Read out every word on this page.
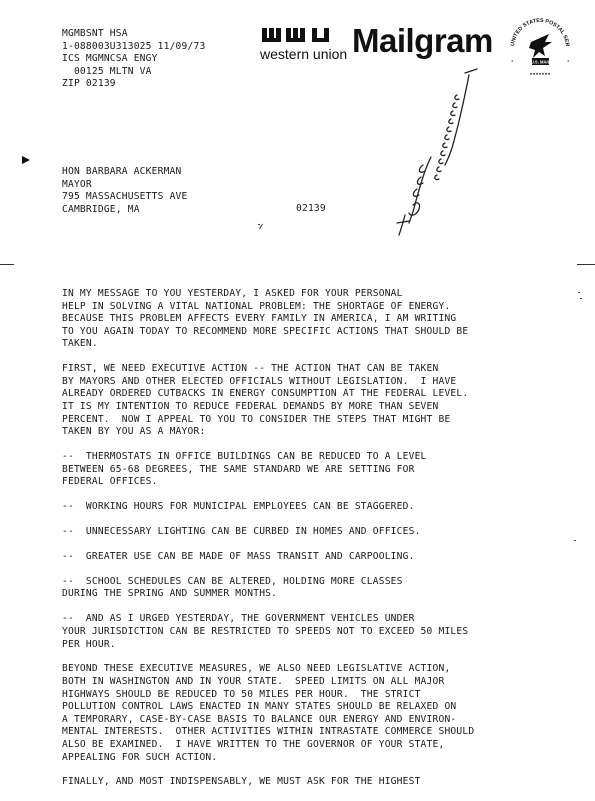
MGMBSNT HSA
1-088003U313025 11/09/73
ICS MGMNCSA ENGY
00125 MLTN VA
ZIP 02139
western union Mailgram	UNITED STATES POSTAL SER
U.S. MAIL
★★★★★★★
★	★
HON BARBARA ACKERMAN
MAYOR
795 MASSACHUSETTS AVE
CAMBRIDGE, MA	02139

IN MY MESSAGE TO YOU YESTERDAY, I ASKED FOR YOUR PERSONAL
HELP IN SOLVING A VITAL NATIONAL PROBLEM: THE SHORTAGE OF ENERGY.
BECAUSE THIS PROBLEM AFFECTS EVERY FAMILY IN AMERICA, I AM WRITING
TO YOU AGAIN TODAY TO RECOMMEND MORE SPECIFIC ACTIONS THAT SHOULD BE
TAKEN.

FIRST, WE NEED EXECUTIVE ACTION -- THE ACTION THAT CAN BE TAKEN
BY MAYORS AND OTHER ELECTED OFFICIALS WITHOUT LEGISLATION.  I HAVE
ALREADY ORDERED CUTBACKS IN ENERGY CONSUMPTION AT THE FEDERAL LEVEL.
IT IS MY INTENTION TO REDUCE FEDERAL DEMANDS BY MORE THAN SEVEN
PERCENT.  NOW I APPEAL TO YOU TO CONSIDER THE STEPS THAT MIGHT BE
TAKEN BY YOU AS A MAYOR:

--  THERMOSTATS IN OFFICE BUILDINGS CAN BE REDUCED TO A LEVEL
BETWEEN 65-68 DEGREES, THE SAME STANDARD WE ARE SETTING FOR
FEDERAL OFFICES.

--  WORKING HOURS FOR MUNICIPAL EMPLOYEES CAN BE STAGGERED.

--  UNNECESSARY LIGHTING CAN BE CURBED IN HOMES AND OFFICES.

--  GREATER USE CAN BE MADE OF MASS TRANSIT AND CARPOOLING.

--  SCHOOL SCHEDULES CAN BE ALTERED, HOLDING MORE CLASSES
DURING THE SPRING AND SUMMER MONTHS.

--  AND AS I URGED YESTERDAY, THE GOVERNMENT VEHICLES UNDER
YOUR JURISDICTION CAN BE RESTRICTED TO SPEEDS NOT TO EXCEED 50 MILES
PER HOUR.

BEYOND THESE EXECUTIVE MEASURES, WE ALSO NEED LEGISLATIVE ACTION,
BOTH IN WASHINGTON AND IN YOUR STATE.  SPEED LIMITS ON ALL MAJOR
HIGHWAYS SHOULD BE REDUCED TO 50 MILES PER HOUR.  THE STRICT
POLLUTION CONTROL LAWS ENACTED IN MANY STATES SHOULD BE RELAXED ON
A TEMPORARY, CASE-BY-CASE BASIS TO BALANCE OUR ENERGY AND ENVIRON-
MENTAL INTERESTS.  OTHER ACTIVITIES WITHIN INTRASTATE COMMERCE SHOULD
ALSO BE EXAMINED.  I HAVE WRITTEN TO THE GOVERNOR OF YOUR STATE,
APPEALING FOR SUCH ACTION.

FINALLY, AND MOST INDISPENSABLY, WE MUST ASK FOR THE HIGHEST
